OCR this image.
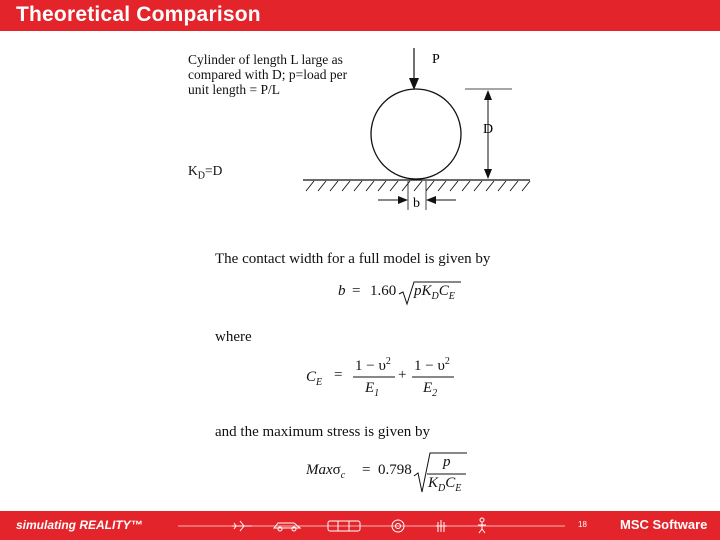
Theoretical Comparison
Cylinder of length L large as
compared with D; p=load per
unit length = P/L
$K_D=D$
P
D
b
The contact width for a full model is given by
where
and the maximum stress is given by
b = 1.60 $pK_DC_E$
$C_E$ =
$1 - \upsilon^2$
$E_1$
+
$1 - \upsilon^2$
$E_2$
Maxσ$_c$ = 0.798 p
$K_DC_E$
simulating REALITY™	18	MSC Software
